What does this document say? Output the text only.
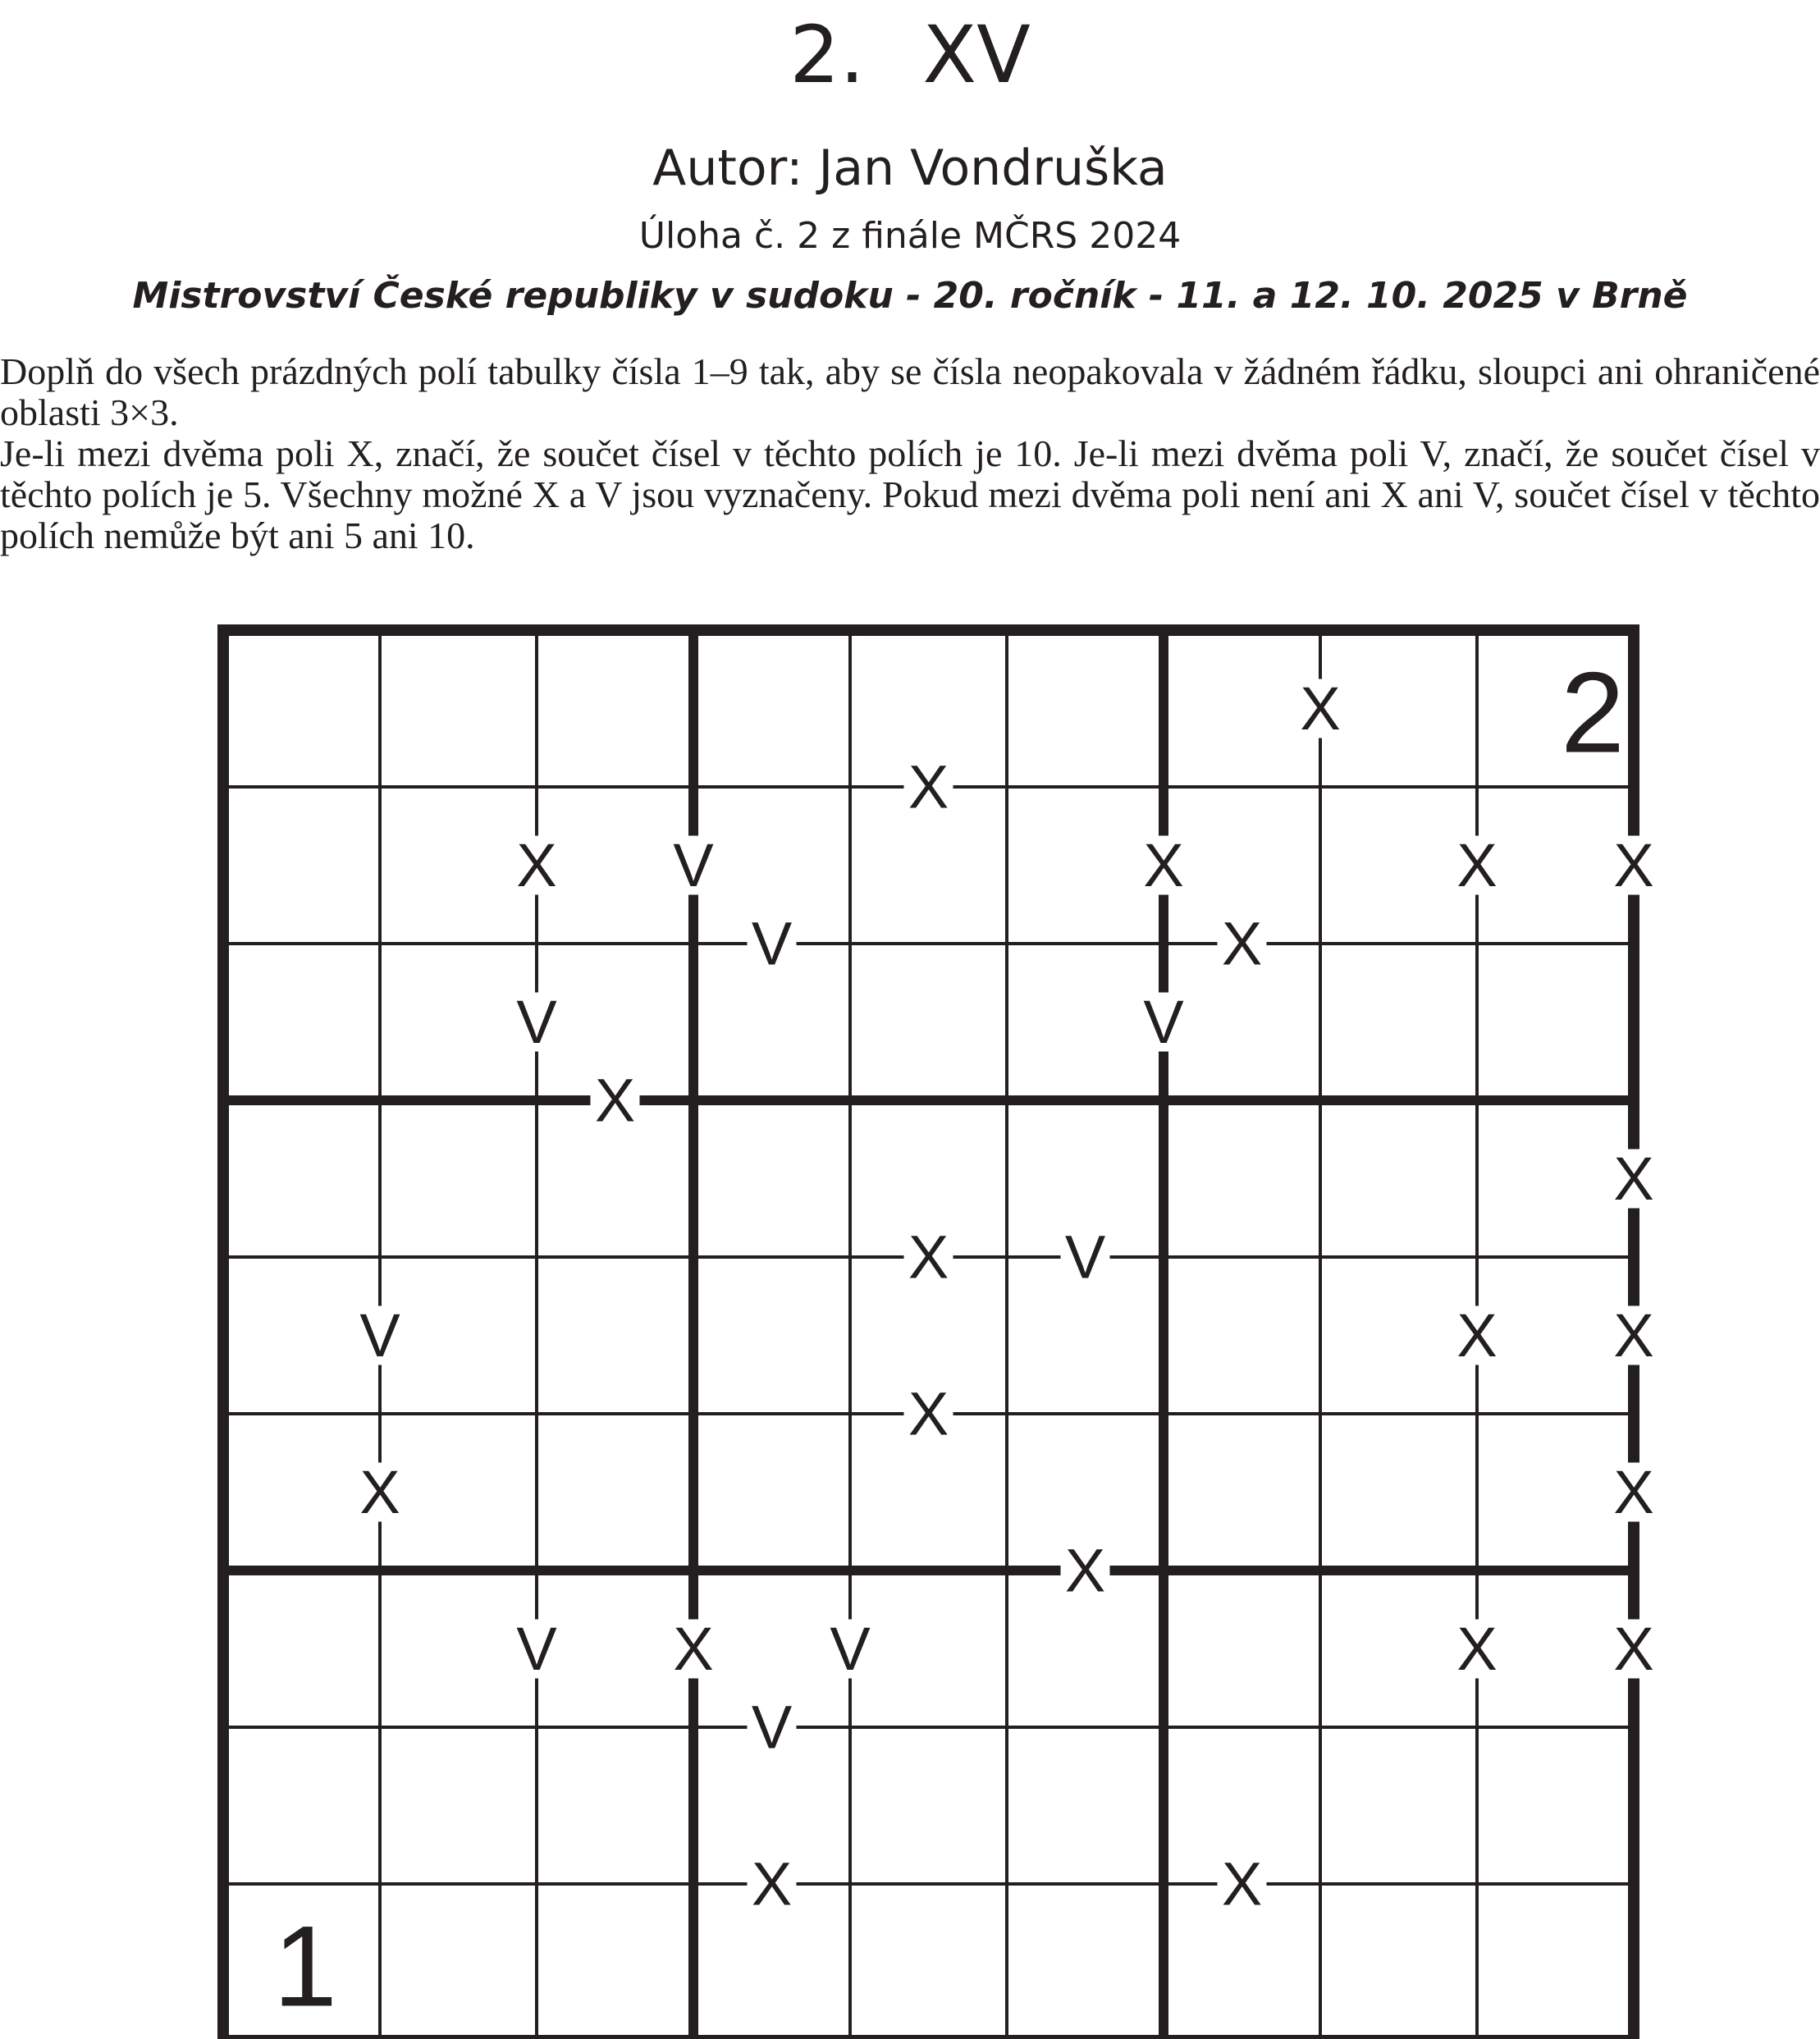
2. XV
Autor: Jan Vondruška
Úloha č. 2 z finále MČRS 2024
Mistrovství České republiky v sudoku - 20. ročník - 11. a 12. 10. 2025 v Brně

Doplň do všech prázdných polí tabulky čísla 1–9 tak, aby se čísla neopakovala v žádném řádku, sloupci ani ohraničené oblasti 3×3.

Je-li mezi dvěma poli X, značí, že součet čísel v těchto polích je 10. Je-li mezi dvěma poli V, značí, že součet čísel v těchto polích je 5. Všechny možné X a V jsou vyznačeny. Pokud mezi dvěma poli není ani X ani V, součet čísel v těchto polích nemůže být ani 5 ani 10.

X
V	X
X
X V
X
X
V
X	X
X
X V	X	X X
V	V
X
V	X X
X	X
V X V	X X
2
1
